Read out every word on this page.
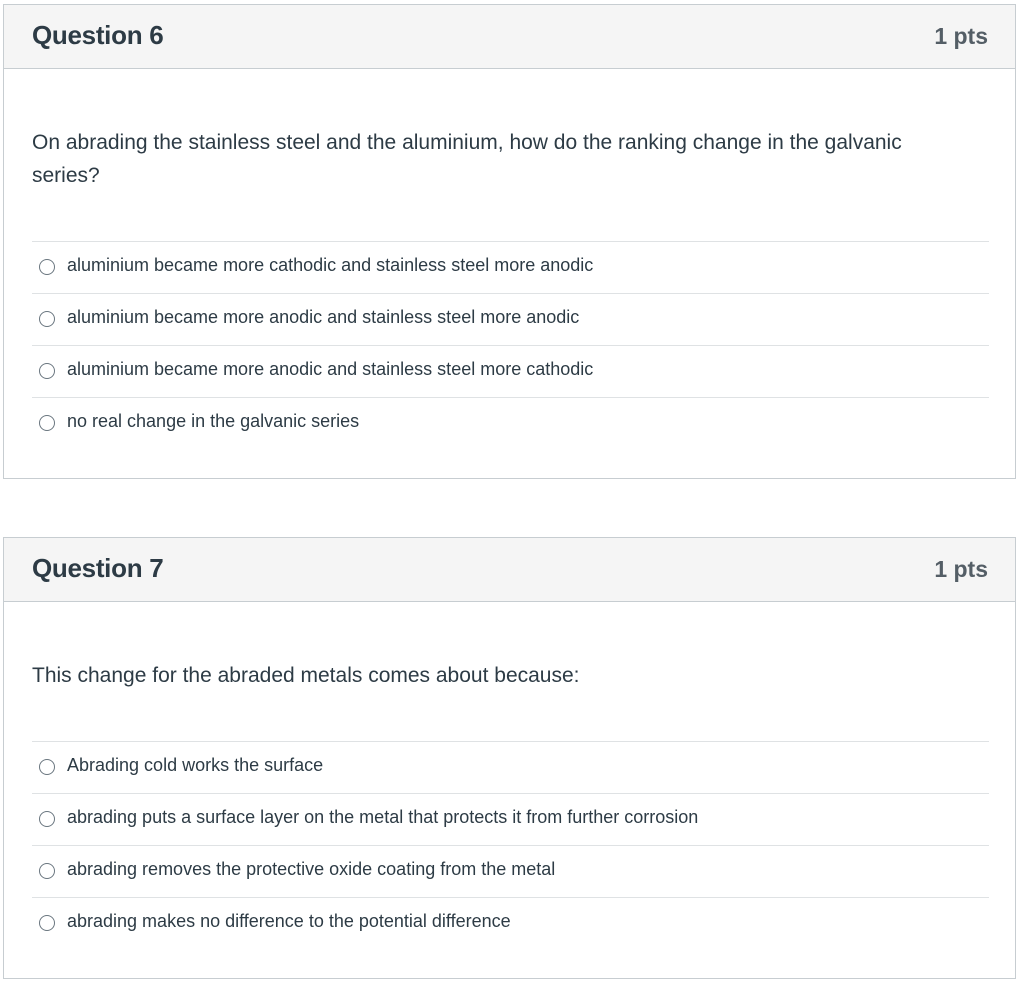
Question 6	1 pts
On abrading the stainless steel and the aluminium, how do the ranking change in the galvanic series?
aluminium became more cathodic and stainless steel more anodic
aluminium became more anodic and stainless steel more anodic
aluminium became more anodic and stainless steel more cathodic
no real change in the galvanic series
Question 7	1 pts
This change for the abraded metals comes about because:
Abrading cold works the surface
abrading puts a surface layer on the metal that protects it from further corrosion
abrading removes the protective oxide coating from the metal
abrading makes no difference to the potential difference
